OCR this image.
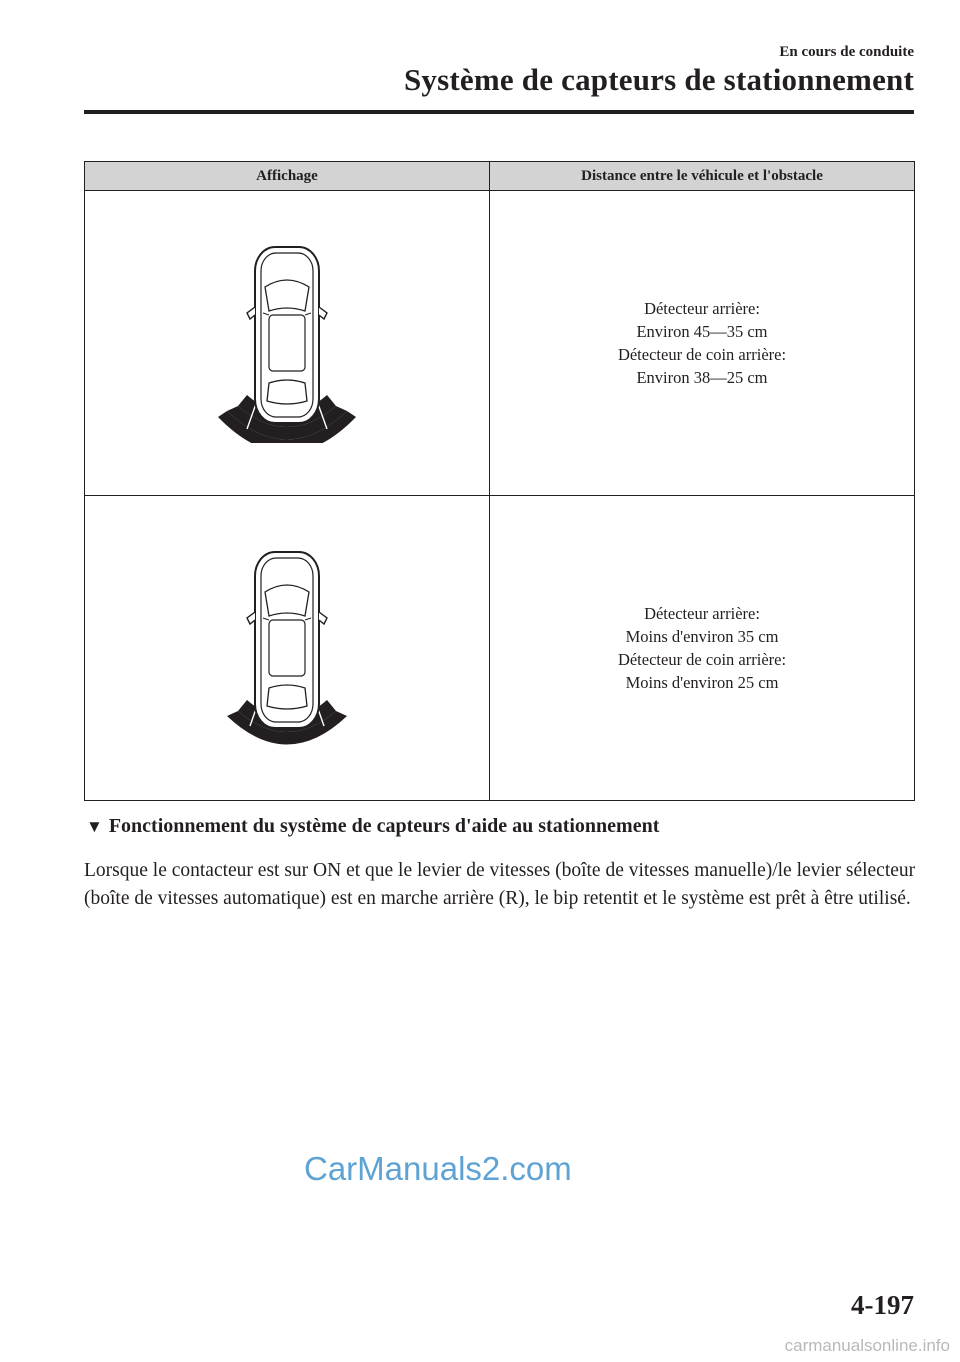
En cours de conduite
Système de capteurs de stationnement
Affichage	Distance entre le véhicule et l'obstacle

Détecteur arrière:
Environ 45―35 cm
Détecteur de coin arrière:
Environ 38―25 cm

Détecteur arrière:
Moins d'environ 35 cm
Détecteur de coin arrière:
Moins d'environ 25 cm
▼ Fonctionnement du système de capteurs d'aide au stationnement
Lorsque le contacteur est sur ON et que le levier de vitesses (boîte de vitesses manuelle)/le levier sélecteur (boîte de vitesses automatique) est en marche arrière (R), le bip retentit et le système est prêt à être utilisé.
CarManuals2.com
4-197
carmanualsonline.info
